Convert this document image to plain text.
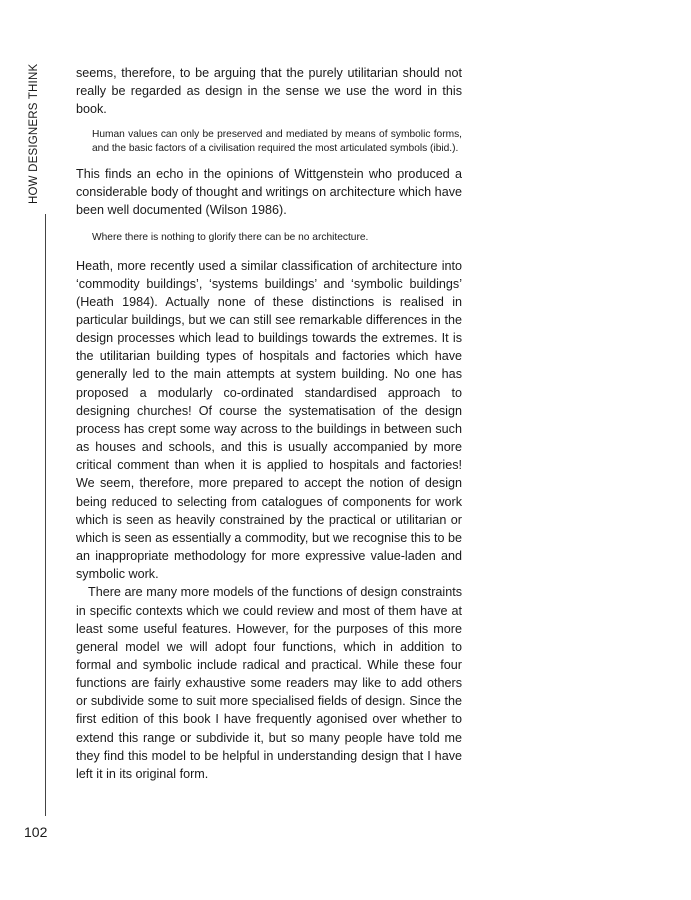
HOW DESIGNERS THINK
102

seems, therefore, to be arguing that the purely utilitarian should not really be regarded as design in the sense we use the word in this book.

Human values can only be preserved and mediated by means of symbolic forms, and the basic factors of a civilisation required the most articulated symbols (ibid.).

This finds an echo in the opinions of Wittgenstein who produced a considerable body of thought and writings on architecture which have been well documented (Wilson 1986).

Where there is nothing to glorify there can be no architecture.

Heath, more recently used a similar classification of architecture into ‘commodity buildings’, ‘systems buildings’ and ‘symbolic buildings’ (Heath 1984). Actually none of these distinctions is realised in particular buildings, but we can still see remarkable differences in the design processes which lead to buildings towards the extremes. It is the utilitarian building types of hospitals and factories which have generally led to the main attempts at system building. No one has proposed a modularly co-ordinated standardised approach to designing churches! Of course the systematisation of the design process has crept some way across to the buildings in between such as houses and schools, and this is usually accompanied by more critical comment than when it is applied to hospitals and factories! We seem, therefore, more prepared to accept the notion of design being reduced to selecting from catalogues of components for work which is seen as heavily constrained by the practical or utilitarian or which is seen as essentially a commodity, but we recognise this to be an inappropriate methodology for more expressive value-laden and symbolic work.

There are many more models of the functions of design constraints in specific contexts which we could review and most of them have at least some useful features. However, for the purposes of this more general model we will adopt four functions, which in addition to formal and symbolic include radical and practical. While these four functions are fairly exhaustive some readers may like to add others or subdivide some to suit more specialised fields of design. Since the first edition of this book I have frequently agonised over whether to extend this range or subdivide it, but so many people have told me they find this model to be helpful in understanding design that I have left it in its original form.
